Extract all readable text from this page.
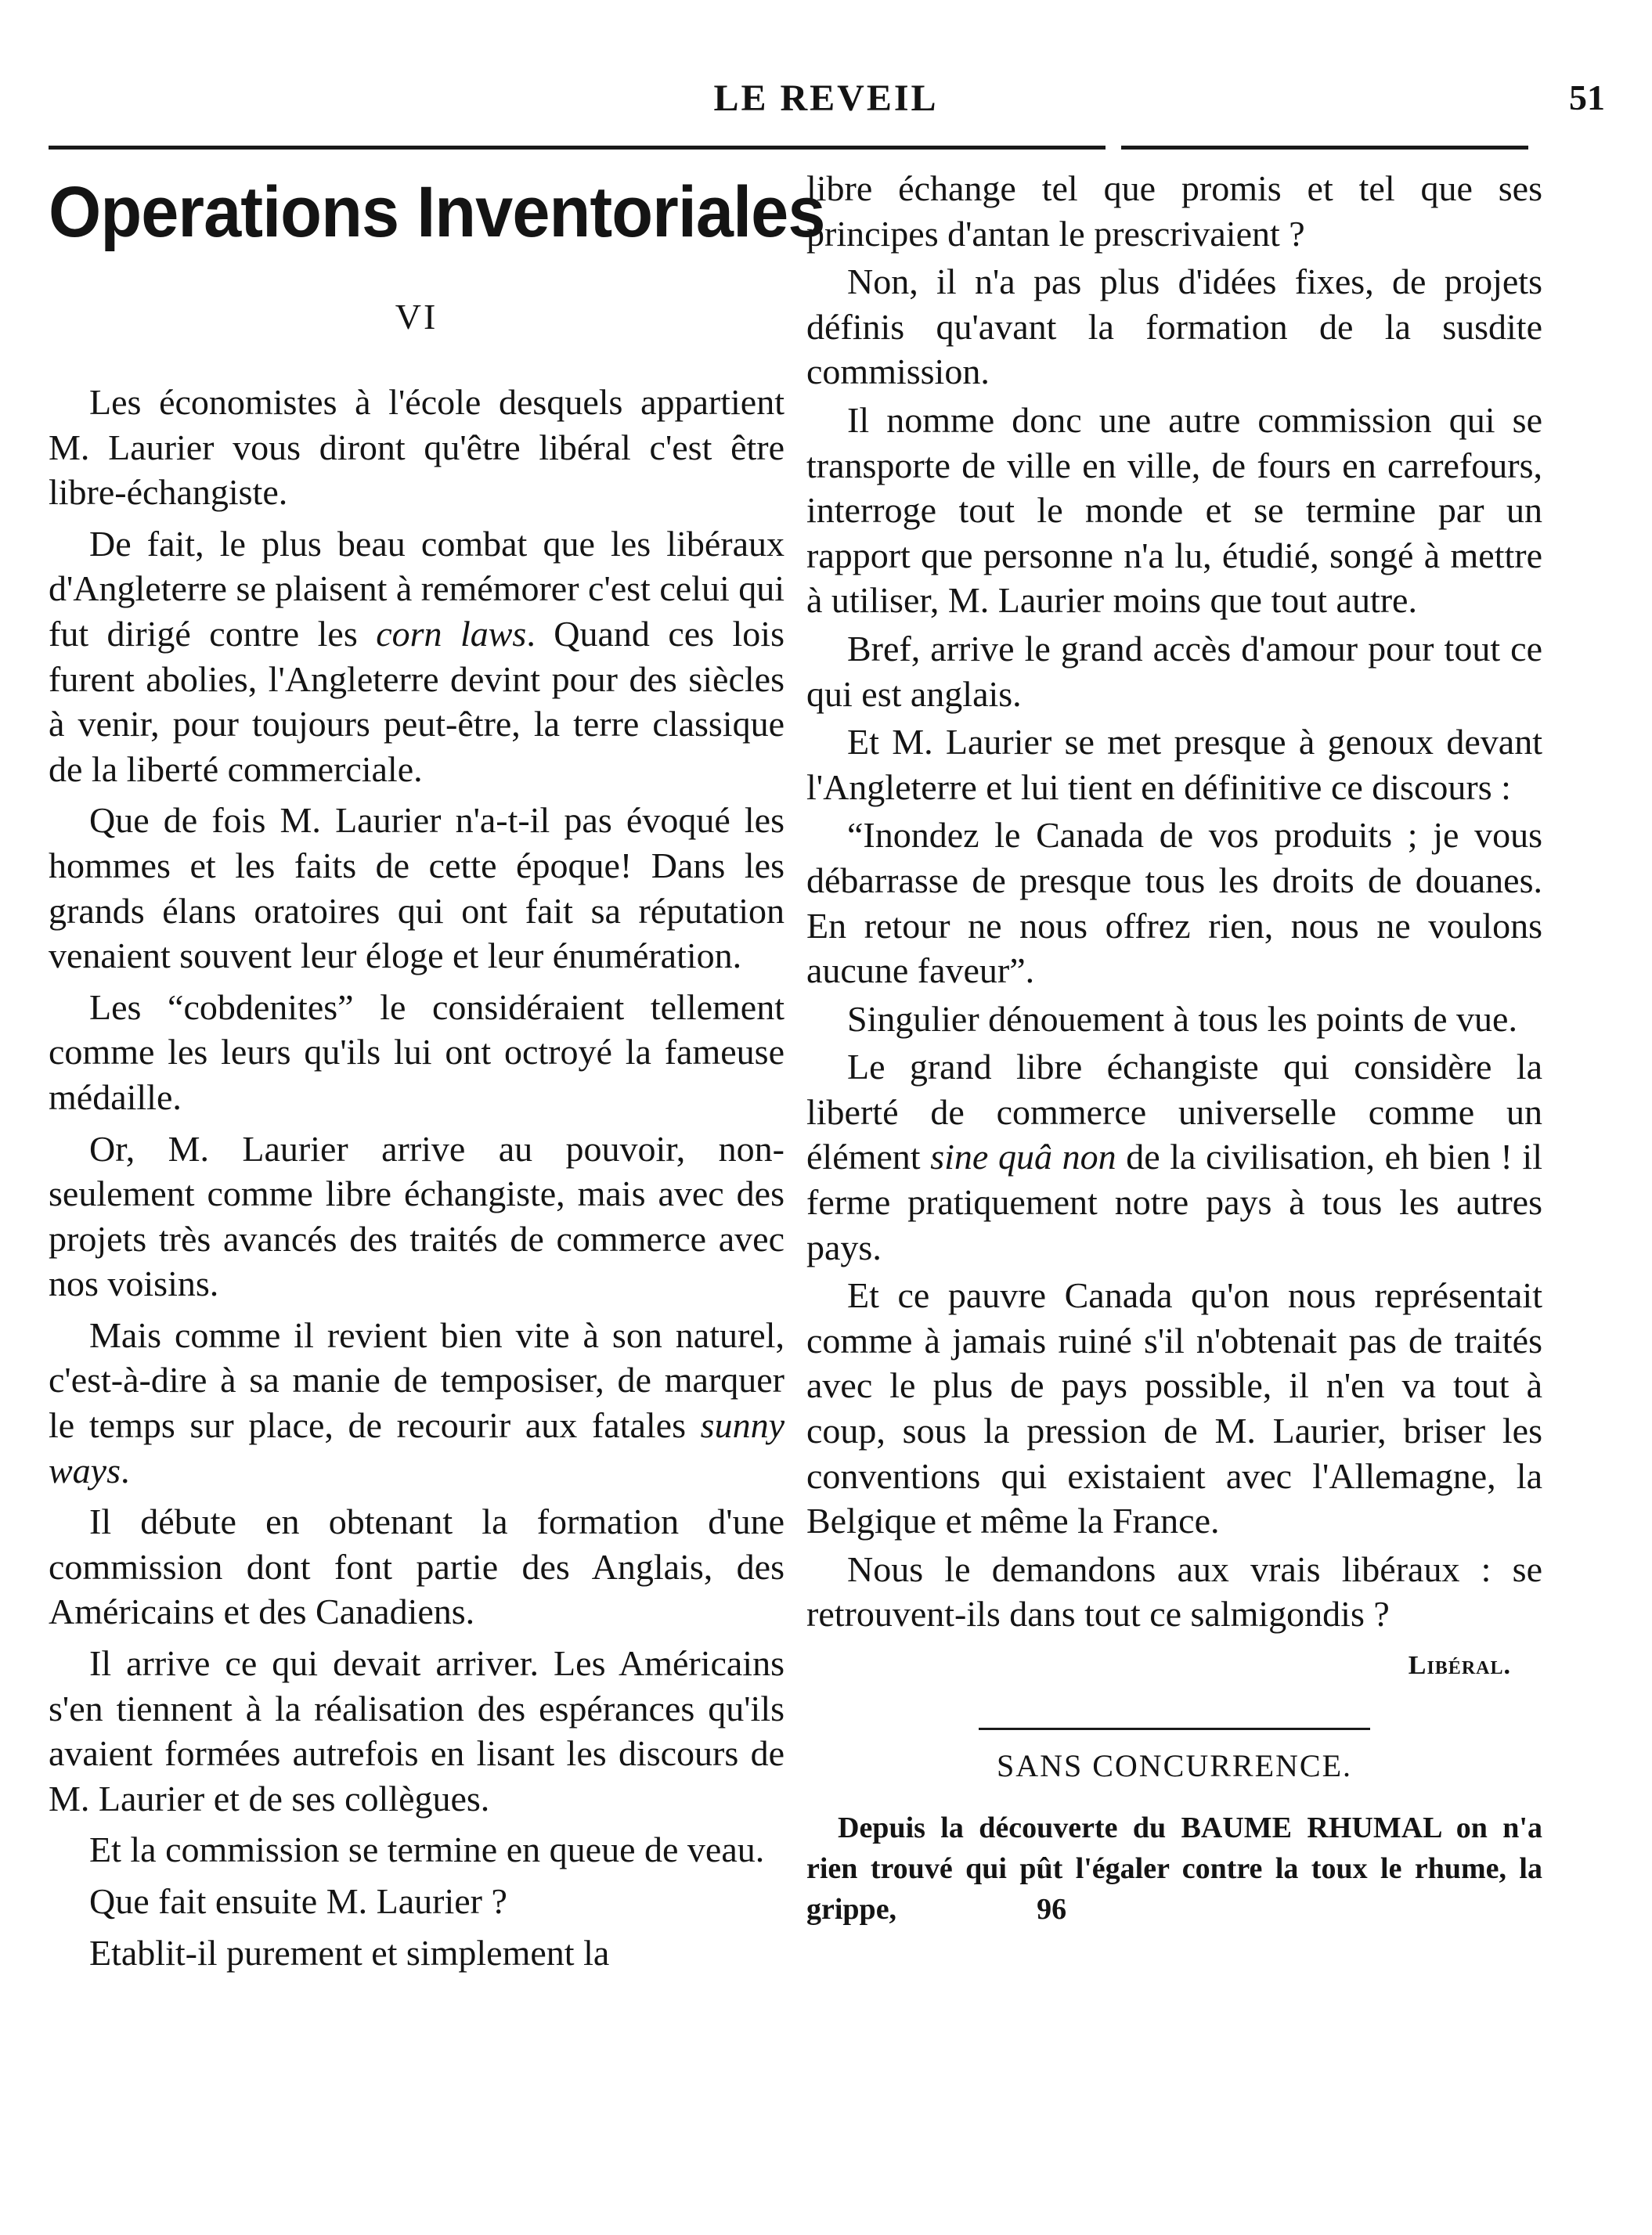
LE REVEIL	51
Operations Inventoriales
VI

Les économistes à l'école desquels appartient M. Laurier vous diront qu'être libéral c'est être libre-échangiste.

De fait, le plus beau combat que les libéraux d'Angleterre se plaisent à remémorer c'est celui qui fut dirigé contre les corn laws. Quand ces lois furent abolies, l'Angleterre devint pour des siècles à venir, pour toujours peut-être, la terre classique de la liberté commerciale.

Que de fois M. Laurier n'a-t-il pas évoqué les hommes et les faits de cette époque! Dans les grands élans oratoires qui ont fait sa réputation venaient souvent leur éloge et leur énumération.

Les “cobdenites” le considéraient tellement comme les leurs qu'ils lui ont octroyé la fameuse médaille.

Or, M. Laurier arrive au pouvoir, non-seulement comme libre échangiste, mais avec des projets très avancés des traités de commerce avec nos voisins.

Mais comme il revient bien vite à son naturel, c'est-à-dire à sa manie de temposiser, de marquer le temps sur place, de recourir aux fatales sunny ways.

Il débute en obtenant la formation d'une commission dont font partie des Anglais, des Américains et des Canadiens.

Il arrive ce qui devait arriver. Les Américains s'en tiennent à la réalisation des espérances qu'ils avaient formées autrefois en lisant les discours de M. Laurier et de ses collègues.

Et la commission se termine en queue de veau.

Que fait ensuite M. Laurier ?

Etablit-il purement et simplement la

libre échange tel que promis et tel que ses principes d'antan le prescrivaient ?

Non, il n'a pas plus d'idées fixes, de projets définis qu'avant la formation de la susdite commission.

Il nomme donc une autre commission qui se transporte de ville en ville, de fours en carrefours, interroge tout le monde et se termine par un rapport que personne n'a lu, étudié, songé à mettre à utiliser, M. Laurier moins que tout autre.

Bref, arrive le grand accès d'amour pour tout ce qui est anglais.

Et M. Laurier se met presque à genoux devant l'Angleterre et lui tient en définitive ce discours :

“Inondez le Canada de vos produits ; je vous débarrasse de presque tous les droits de douanes. En retour ne nous offrez rien, nous ne voulons aucune faveur”.

Singulier dénouement à tous les points de vue.

Le grand libre échangiste qui considère la liberté de commerce universelle comme un élément sine quâ non de la civilisation, eh bien ! il ferme pratiquement notre pays à tous les autres pays.

Et ce pauvre Canada qu'on nous représentait comme à jamais ruiné s'il n'obtenait pas de traités avec le plus de pays possible, il n'en va tout à coup, sous la pression de M. Laurier, briser les conventions qui existaient avec l'Allemagne, la Belgique et même la France.

Nous le demandons aux vrais libéraux : se retrouvent-ils dans tout ce salmigondis ?

Libéral.
SANS CONCURRENCE.
Depuis la découverte du BAUME RHUMAL on n'a rien trouvé qui pût l'égaler contre la toux le rhume, la grippe,	96
